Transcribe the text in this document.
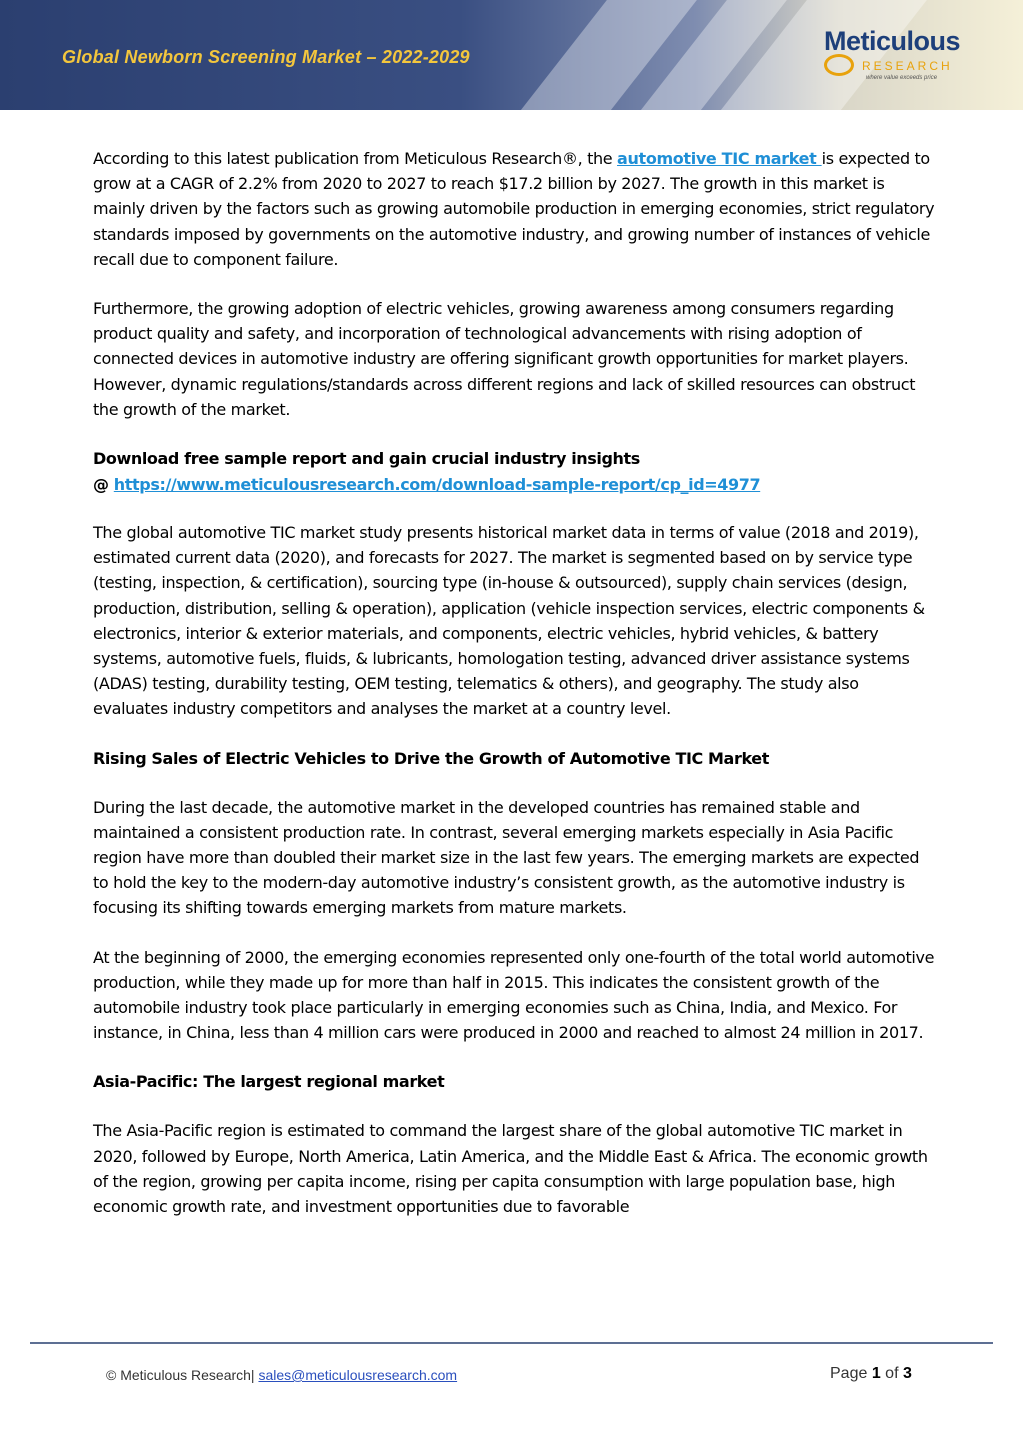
Global Newborn Screening Market – 2022-2029
Meticulous
RESEARCH
where value exceeds price

According to this latest publication from Meticulous Research®, the automotive TIC market is expected to grow at a CAGR of 2.2% from 2020 to 2027 to reach $17.2 billion by 2027. The growth in this market is mainly driven by the factors such as growing automobile production in emerging economies, strict regulatory standards imposed by governments on the automotive industry, and growing number of instances of vehicle recall due to component failure.

Furthermore, the growing adoption of electric vehicles, growing awareness among consumers regarding product quality and safety, and incorporation of technological advancements with rising adoption of connected devices in automotive industry are offering significant growth opportunities for market players. However, dynamic regulations/standards across different regions and lack of skilled resources can obstruct the growth of the market.

Download free sample report and gain crucial industry insights
@ https://www.meticulousresearch.com/download-sample-report/cp_id=4977

The global automotive TIC market study presents historical market data in terms of value (2018 and 2019), estimated current data (2020), and forecasts for 2027. The market is segmented based on by service type (testing, inspection, & certification), sourcing type (in-house & outsourced), supply chain services (design, production, distribution, selling & operation), application (vehicle inspection services, electric components & electronics, interior & exterior materials, and components, electric vehicles, hybrid vehicles, & battery systems, automotive fuels, fluids, & lubricants, homologation testing, advanced driver assistance systems (ADAS) testing, durability testing, OEM testing, telematics & others), and geography. The study also evaluates industry competitors and analyses the market at a country level.

Rising Sales of Electric Vehicles to Drive the Growth of Automotive TIC Market

During the last decade, the automotive market in the developed countries has remained stable and maintained a consistent production rate. In contrast, several emerging markets especially in Asia Pacific region have more than doubled their market size in the last few years. The emerging markets are expected to hold the key to the modern-day automotive industry’s consistent growth, as the automotive industry is focusing its shifting towards emerging markets from mature markets.

At the beginning of 2000, the emerging economies represented only one-fourth of the total world automotive production, while they made up for more than half in 2015. This indicates the consistent growth of the automobile industry took place particularly in emerging economies such as China, India, and Mexico. For instance, in China, less than 4 million cars were produced in 2000 and reached to almost 24 million in 2017.

Asia-Pacific: The largest regional market

The Asia-Pacific region is estimated to command the largest share of the global automotive TIC market in 2020, followed by Europe, North America, Latin America, and the Middle East & Africa. The economic growth of the region, growing per capita income, rising per capita consumption with large population base, high economic growth rate, and investment opportunities due to favorable

© Meticulous Research| sales@meticulousresearch.com	Page 1 of 3
